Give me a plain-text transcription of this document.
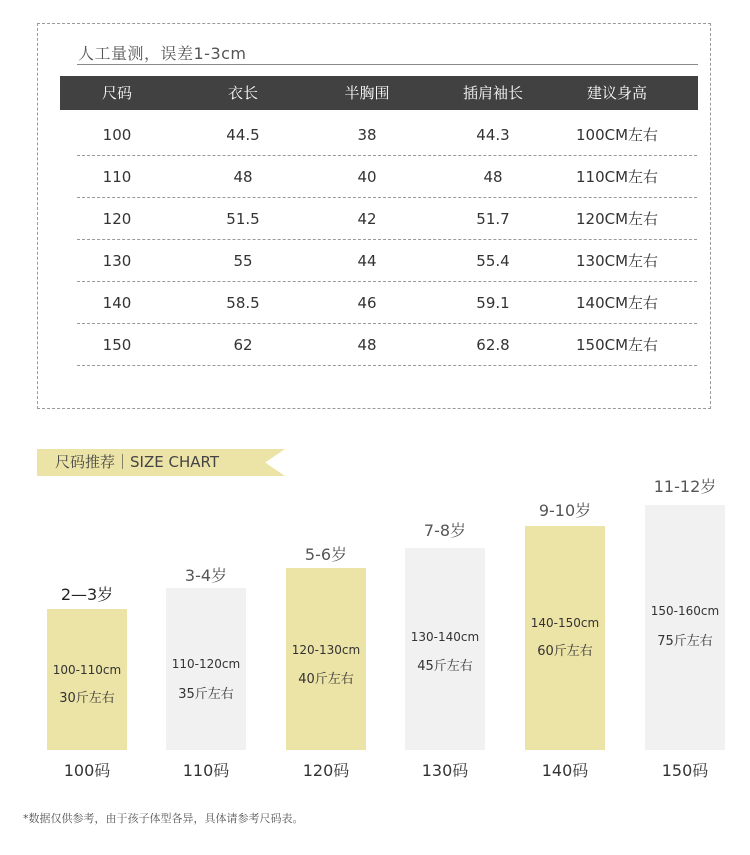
人工量测，误差1-3cm
尺码	衣长	半胸围	插肩袖长	建议身高
100	44.5	38	44.3	100CM左右
110	48	40	48	110CM左右
120	51.5	42	51.7	120CM左右
130	55	44	55.4	130CM左右
140	58.5	46	59.1	140CM左右
150	62	48	62.8	150CM左右
尺码推荐｜SIZE CHART
2—3岁
100-110cm
30斤左右
100码
3-4岁
110-120cm
35斤左右
110码
5-6岁
120-130cm
40斤左右
120码
7-8岁
130-140cm
45斤左右
130码
9-10岁
140-150cm
60斤左右
140码
11-12岁
150-160cm
75斤左右
150码
*数据仅供参考，由于孩子体型各异，具体请参考尺码表。
